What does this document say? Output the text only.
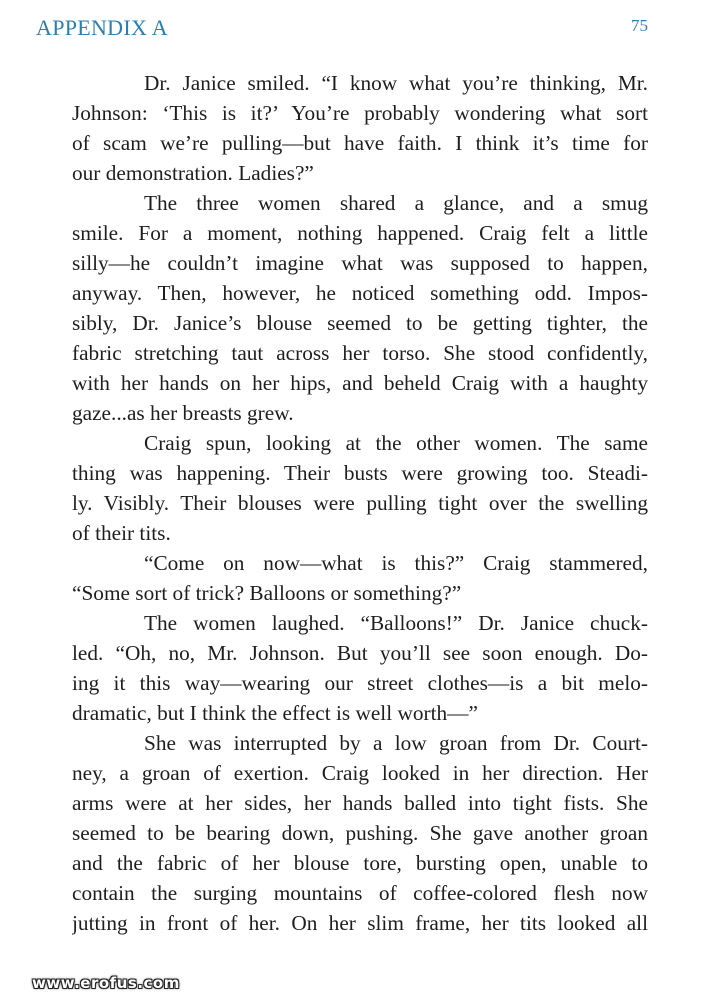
APPENDIX A	75
Dr. Janice smiled. “I know what you’re thinking, Mr.
Johnson: ‘This is it?’ You’re probably wondering what sort
of scam we’re pulling—but have faith. I think it’s time for
our demonstration. Ladies?”
The three women shared a glance, and a smug
smile. For a moment, nothing happened. Craig felt a little
silly—he couldn’t imagine what was supposed to happen,
anyway. Then, however, he noticed something odd. Impos-
sibly, Dr. Janice’s blouse seemed to be getting tighter, the
fabric stretching taut across her torso. She stood confidently,
with her hands on her hips, and beheld Craig with a haughty
gaze...as her breasts grew.
Craig spun, looking at the other women. The same
thing was happening. Their busts were growing too. Steadi-
ly. Visibly. Their blouses were pulling tight over the swelling
of their tits.
“Come on now—what is this?” Craig stammered,
“Some sort of trick? Balloons or something?”
The women laughed. “Balloons!” Dr. Janice chuck-
led. “Oh, no, Mr. Johnson. But you’ll see soon enough. Do-
ing it this way—wearing our street clothes—is a bit melo-
dramatic, but I think the effect is well worth—”
She was interrupted by a low groan from Dr. Court-
ney, a groan of exertion. Craig looked in her direction. Her
arms were at her sides, her hands balled into tight fists. She
seemed to be bearing down, pushing. She gave another groan
and the fabric of her blouse tore, bursting open, unable to
contain the surging mountains of coffee-colored flesh now
jutting in front of her. On her slim frame, her tits looked all
www.erofus.com
